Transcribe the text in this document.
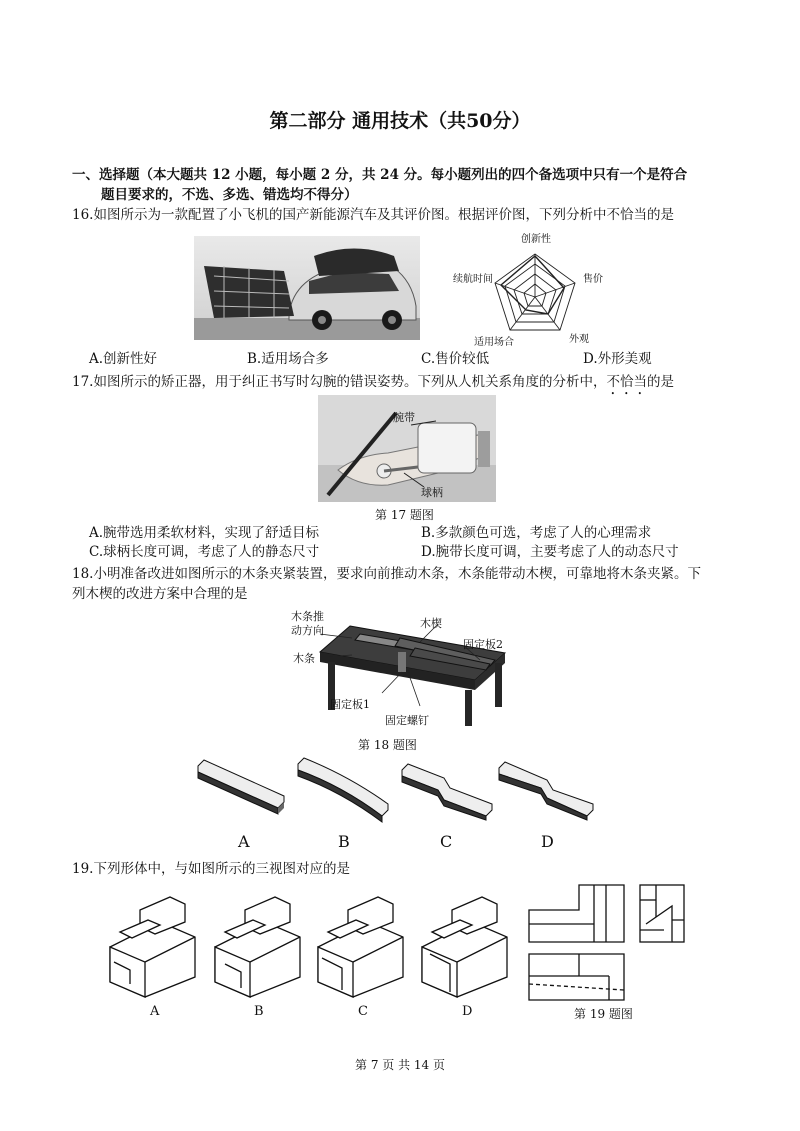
第二部分 通用技术（共50分）
一、选择题（本大题共 12 小题，每小题 2 分，共 24 分。每小题列出的四个备选项中只有一个是符合
题目要求的，不选、多选、错选均不得分）
16.如图所示为一款配置了小飞机的国产新能源汽车及其评价图。根据评价图，下列分析中不恰当的是
创新性
售价
续航时间
外观
适用场合
A.创新性好	B.适用场合多	C.售价较低	D.外形美观
17.如图所示的矫正器，用于纠正书写时勾腕的错误姿势。下列从人机关系角度的分析中，不恰当的是
腕带
球柄
第 17 题图
A.腕带选用柔软材料，实现了舒适目标	B.多款颜色可选，考虑了人的心理需求
C.球柄长度可调，考虑了人的静态尺寸	D.腕带长度可调，主要考虑了人的动态尺寸
18.小明准备改进如图所示的木条夹紧装置，要求向前推动木条，木条能带动木楔，可靠地将木条夹紧。下
列木楔的改进方案中合理的是
木条推
动方向
木楔
固定板2
木条
固定板1
固定螺钉
第 18 题图
A	B	C	D
19.下列形体中，与如图所示的三视图对应的是
A	B	C	D	第 19 题图
第 7 页 共 14 页
